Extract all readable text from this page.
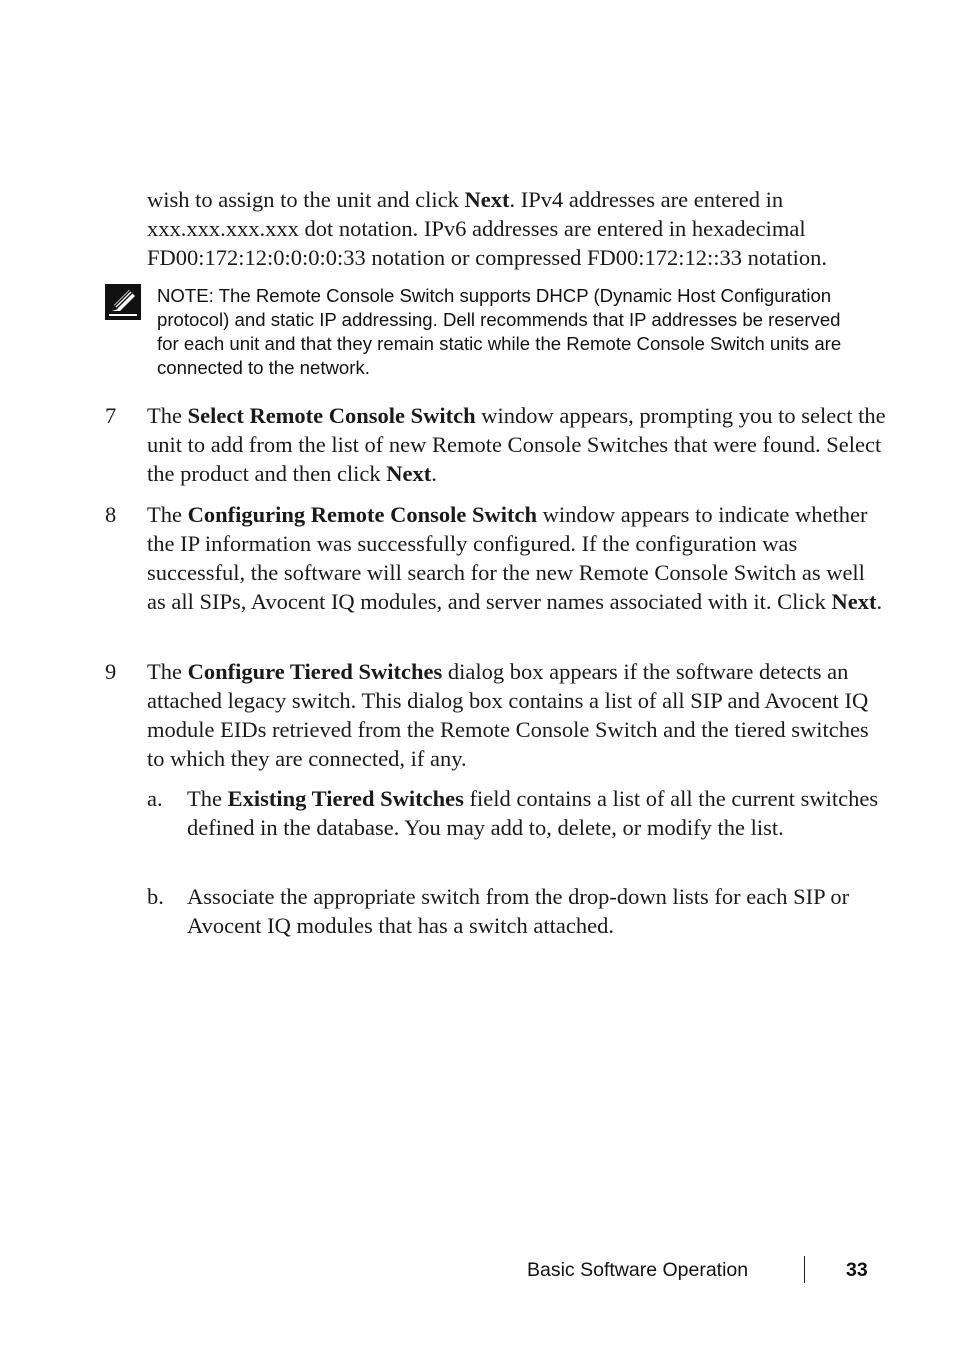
wish to assign to the unit and click Next. IPv4 addresses are entered in xxx.xxx.xxx.xxx dot notation. IPv6 addresses are entered in hexadecimal FD00:172:12:0:0:0:0:33 notation or compressed FD00:172:12::33 notation.

NOTE: The Remote Console Switch supports DHCP (Dynamic Host Configuration protocol) and static IP addressing. Dell recommends that IP addresses be reserved for each unit and that they remain static while the Remote Console Switch units are connected to the network.

7	The Select Remote Console Switch window appears, prompting you to select the unit to add from the list of new Remote Console Switches that were found. Select the product and then click Next.

8	The Configuring Remote Console Switch window appears to indicate whether the IP information was successfully configured. If the configuration was successful, the software will search for the new Remote Console Switch as well as all SIPs, Avocent IQ modules, and server names associated with it. Click Next.

9	The Configure Tiered Switches dialog box appears if the software detects an attached legacy switch. This dialog box contains a list of all SIP and Avocent IQ module EIDs retrieved from the Remote Console Switch and the tiered switches to which they are connected, if any.

a.	The Existing Tiered Switches field contains a list of all the current switches defined in the database. You may add to, delete, or modify the list.

b.	Associate the appropriate switch from the drop-down lists for each SIP or Avocent IQ modules that has a switch attached.

Basic Software Operation	33
